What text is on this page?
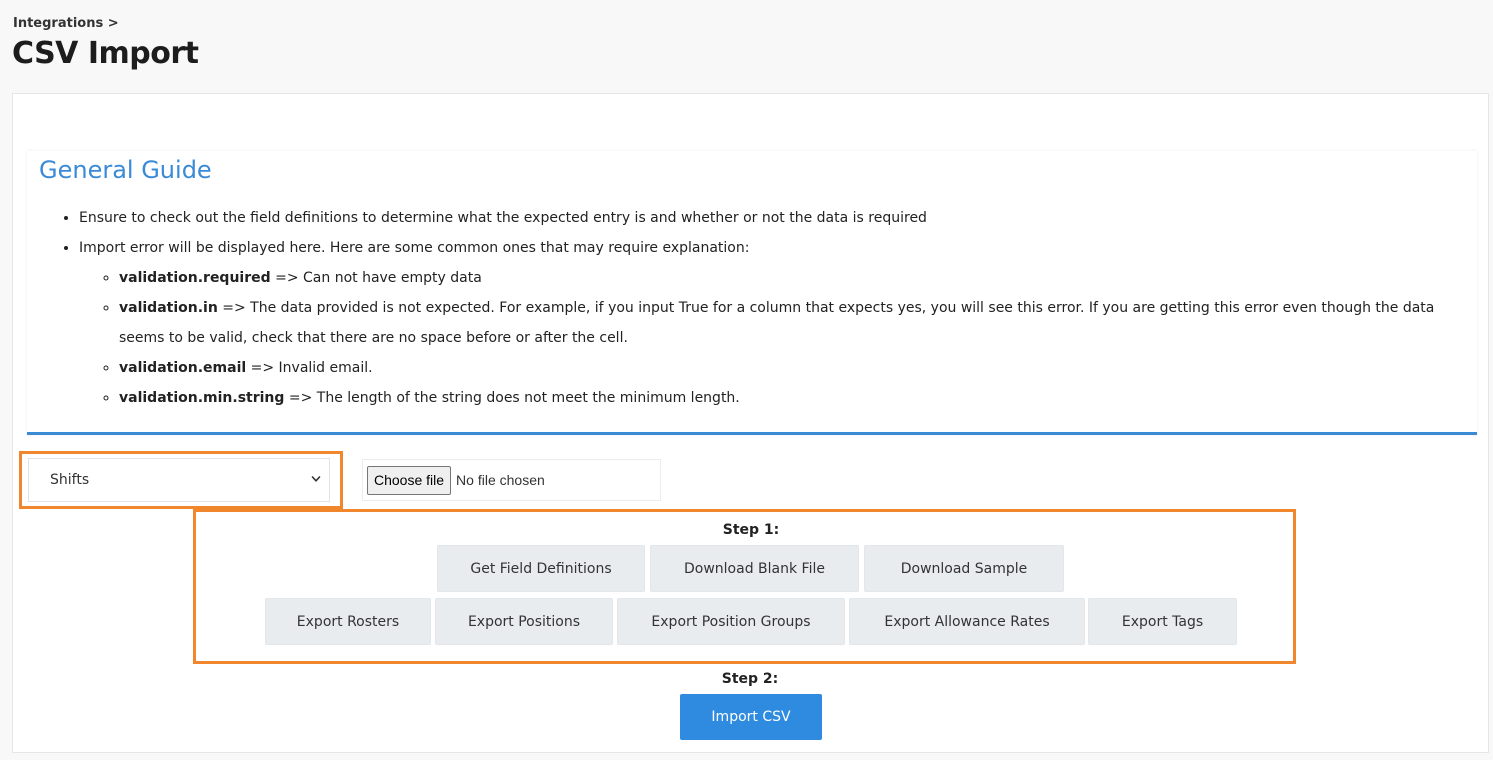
Integrations >
CSV Import
General Guide
• Ensure to check out the field definitions to determine what the expected entry is and whether or not the data is required
• Import error will be displayed here. Here are some common ones that may require explanation:
◦ validation.required => Can not have empty data
◦ validation.in => The data provided is not expected. For example, if you input True for a column that expects yes, you will see this error. If you are getting this error even though the data seems to be valid, check that there are no space before or after the cell.
◦ validation.email => Invalid email.
◦ validation.min.string => The length of the string does not meet the minimum length.
Shifts	Choose file No file chosen
Step 1:
Get Field Definitions	Download Blank File	Download Sample
Export Rosters	Export Positions	Export Position Groups	Export Allowance Rates	Export Tags
Step 2:
Import CSV
